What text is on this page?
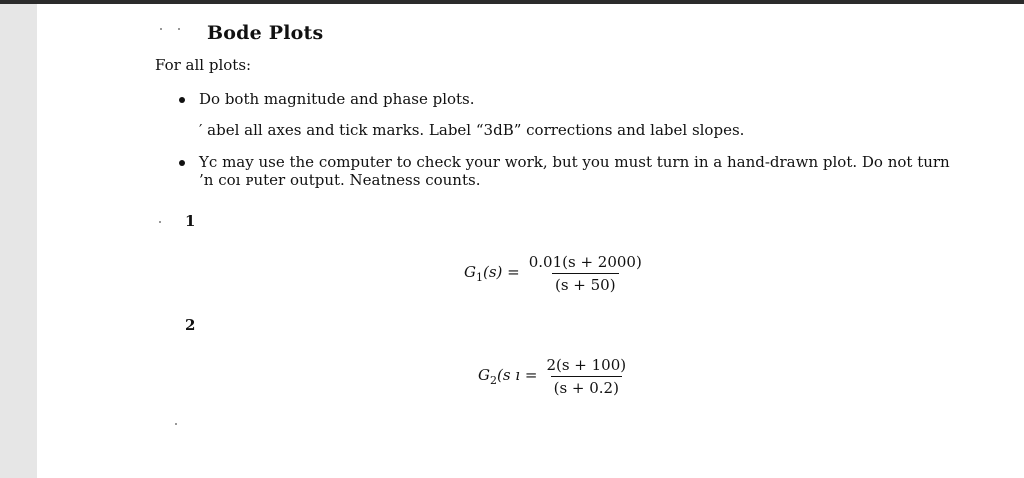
Bode Plots
For all plots:
Do both magnitude and phase plots.
′ abel all axes and tick marks. Label “3dB” corrections and label slopes.
Yс may use the computer to check your work, but you must turn in a hand-drawn plot. Do not turn
’n coı ᴘuter output. Neatness counts.
1
$G_1(s) = \frac{0.01(s + 2000)}{(s + 50)}$
2
$G_2(s$ ı = $\frac{2(s + 100)}{(s + 0.2)}$
